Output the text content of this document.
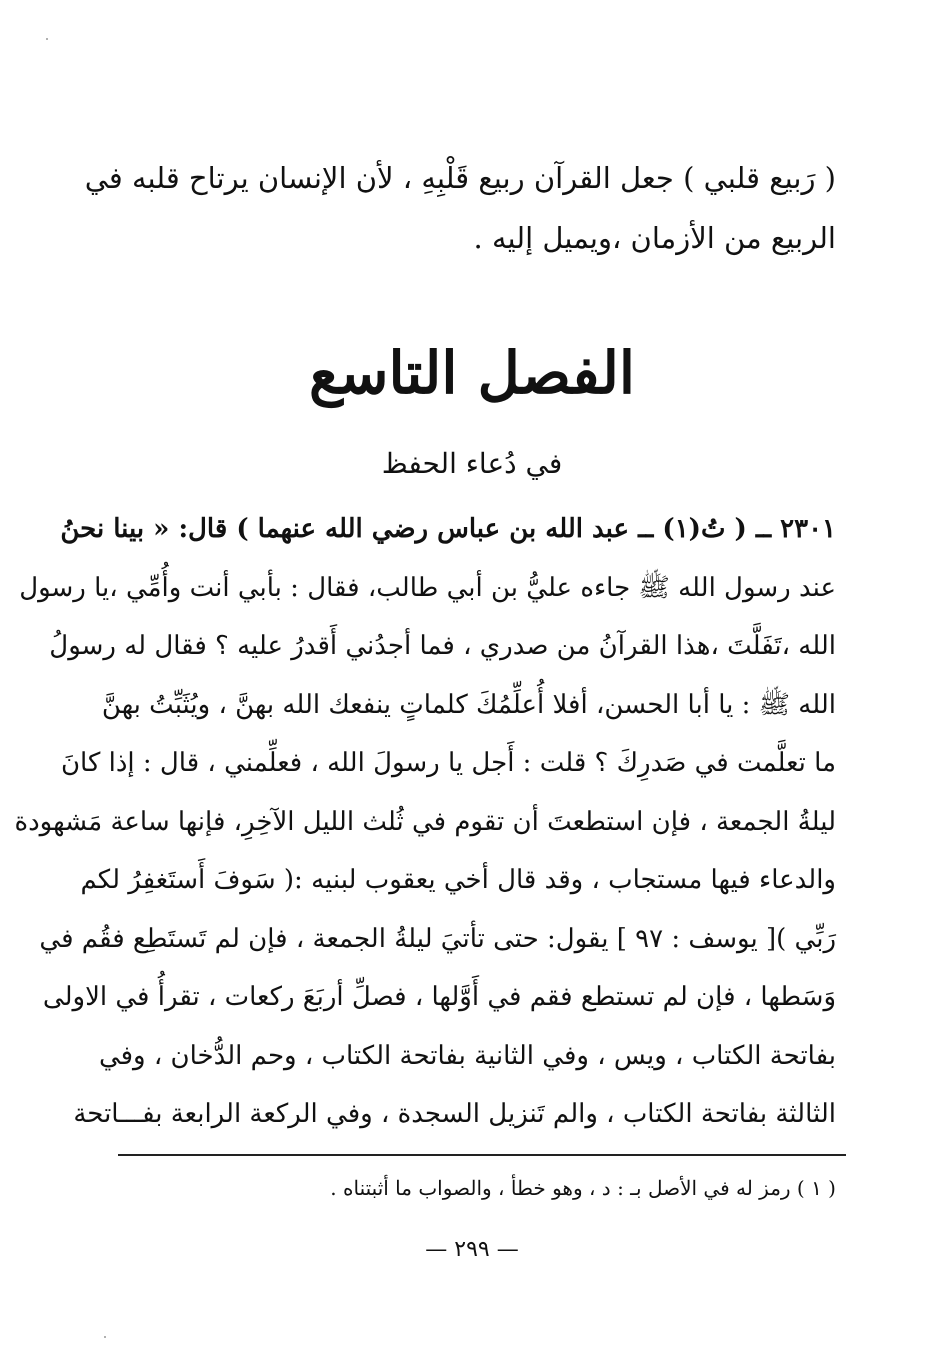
( رَبيع قلبي ) جعل القرآن ربيع قَلْبِهِ ، لأن الإنسان يرتاح قلبه في
الربيع من الأزمان ،ويميل إليه .
الفصل التاسع
في دُعاء الحفظ
٢٣٠١ ــ ( تُ(١) ــ عبد الله بن عباس رضي الله عنهما ) قال: « بينا نحنُ
عند رسول الله ﷺ جاءه عليُّ بن أبي طالب، فقال : بأبي أنت وأُمِّي ،يا رسول
الله ،تَفَلَّتَ ،هذا القرآنُ من صدري ، فما أجدُني أَقدرُ عليه ؟ فقال له رسولُ
الله ﷺ : يا أبا الحسن، أفلا أُعلِّمُكَ كلماتٍ ينفعك الله بهنَّ ، ويُثَبِّتُ بهنَّ
ما تعلَّمت في صَدرِكَ ؟ قلت : أَجل يا رسولَ الله ، فعلِّمني ، قال : إذا كانَ
ليلةُ الجمعة ، فإن استطعتَ أن تقوم في ثُلث الليل الآخِرِ، فإنها ساعة مَشهودة
والدعاء فيها مستجاب ، وقد قال أخي يعقوب لبنيه :( سَوفَ أَستَغفِرُ لكم
رَبِّي )[ يوسف : ٩٧ ] يقول: حتى تأتيَ ليلةُ الجمعة ، فإن لم تَستَطِع فقُم في
وَسَطها ، فإن لم تستطع فقم في أَوَّلها ، فصلِّ أربَعَ ركعات ، تقرأُ في الاولى
بفاتحة الكتاب ، ويس ، وفي الثانية بفاتحة الكتاب ، وحم الدُّخان ، وفي
الثالثة بفاتحة الكتاب ، والم تَنزيل السجدة ، وفي الركعة الرابعة بفـــاتحة
( ١ ) رمز له في الأصل بـ : د ، وهو خطأ ، والصواب ما أثبتناه .
— ٢٩٩ —
